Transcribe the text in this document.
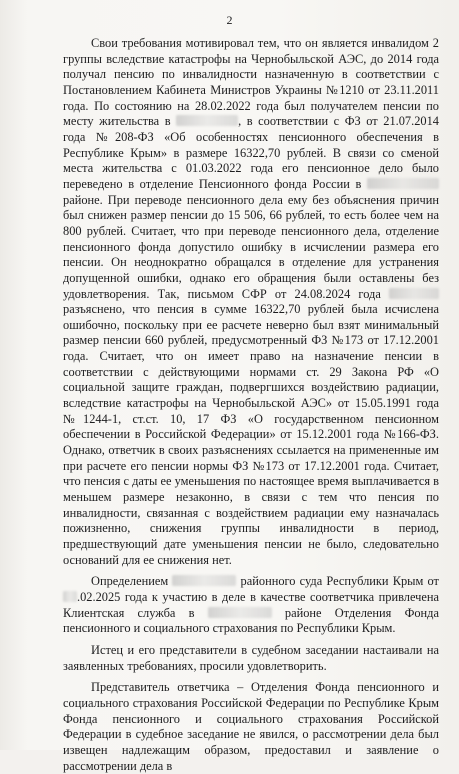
2

Свои требования мотивировал тем, что он является инвалидом 2 группы вследствие катастрофы на Чернобыльской АЭС, до 2014 года получал пенсию по инвалидности назначенную в соответствии с Постановлением Кабинета Министров Украины №1210 от 23.11.2011 года. По состоянию на 28.02.2022 года был получателем пенсии по месту жительства в	, в соответствии с ФЗ от 21.07.2014 года №208-ФЗ «Об особенностях пенсионного обеспечения в Республике Крым» в размере 16322,70 рублей. В связи со сменой места жительства с 01.03.2022 года его пенсионное дело было переведено в отделение Пенсионного фонда России в  районе. При переводе пенсионного дела ему без объяснения причин был снижен размер пенсии до 15 506, 66 рублей, то есть более чем на 800 рублей. Считает, что при переводе пенсионного дела, отделение пенсионного фонда допустило ошибку в исчислении размера его пенсии. Он неоднократно обращался в отделение для устранения допущенной ошибки, однако его обращения были оставлены без удовлетворения. Так, письмом СФР от 24.08.2024 года  разъяснено, что пенсия в сумме 16322,70 рублей была исчислена ошибочно, поскольку при ее расчете неверно был взят минимальный размер пенсии 660 рублей, предусмотренный ФЗ №173 от 17.12.2001 года. Считает, что он имеет право на назначение пенсии в соответствии с действующими нормами ст. 29 Закона РФ «О социальной защите граждан, подвергшихся воздействию радиации, вследствие катастрофы на Чернобыльской АЭС» от 15.05.1991 года №1244-1, ст.ст. 10, 17 ФЗ «О государственном пенсионном обеспечении в Российской Федерации» от 15.12.2001 года №166-ФЗ. Однако, ответчик в своих разъяснениях ссылается на примененные им при расчете его пенсии нормы ФЗ №173 от 17.12.2001 года. Считает, что пенсия с даты ее уменьшения по настоящее время выплачивается в меньшем размере незаконно, в связи с тем что пенсия по инвалидности, связанная с воздействием радиации ему назначалась пожизненно, снижения группы инвалидности в период, предшествующий дате уменьшения пенсии не было, следовательно оснований для ее снижения нет.

Определением	районного суда Республики Крым от .02.2025 года к участию в деле в качестве соответчика привлечена Клиентская служба в	районе Отделения Фонда пенсионного и социального страхования по Республики Крым.

Истец и его представители в судебном заседании настаивали на заявленных требованиях, просили удовлетворить.

Представитель ответчика – Отделения Фонда пенсионного и социального страхования Российской Федерации по Республике Крым Фонда пенсионного и социального страхования Российской Федерации в судебное заседание не явился, о рассмотрении дела был извещен надлежащим образом, предоставил и заявление о рассмотрении дела в
